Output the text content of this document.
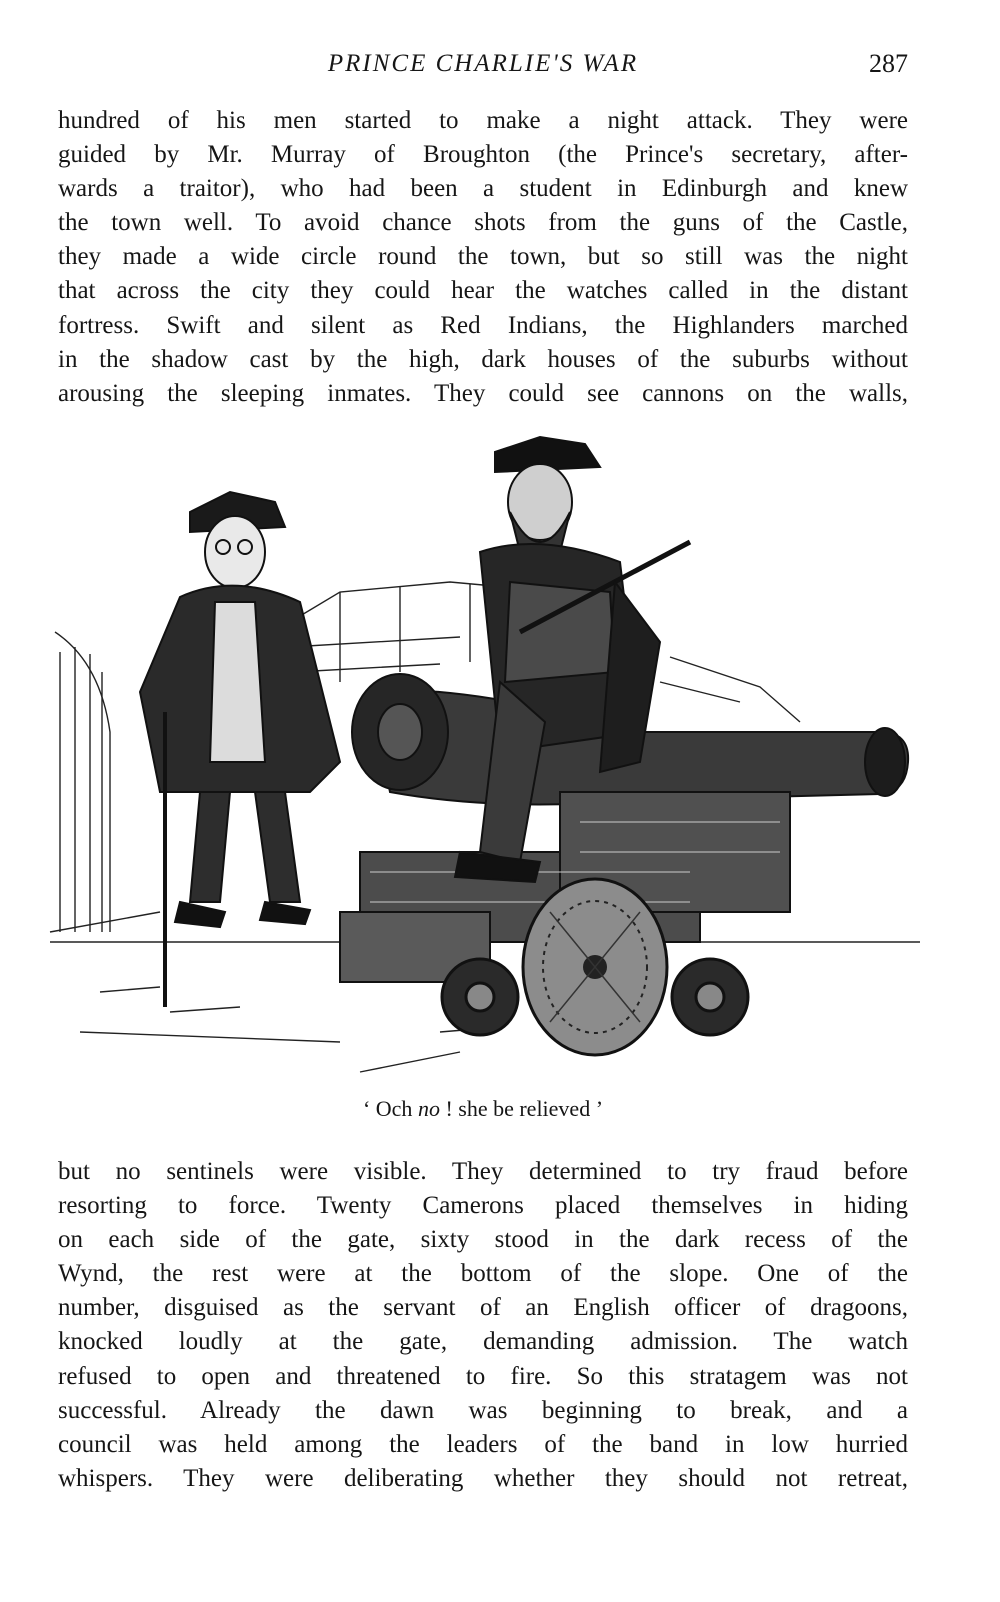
PRINCE CHARLIE'S WAR	287
hundred of his men started to make a night attack. They were
guided by Mr. Murray of Broughton (the Prince's secretary, after-
wards a traitor), who had been a student in Edinburgh and knew
the town well. To avoid chance shots from the guns of the Castle,
they made a wide circle round the town, but so still was the night
that across the city they could hear the watches called in the distant
fortress. Swift and silent as Red Indians, the Highlanders marched
in the shadow cast by the high, dark houses of the suburbs without
arousing the sleeping inmates. They could see cannons on the walls,
‘ Och no ! she be relieved ’
but no sentinels were visible. They determined to try fraud before
resorting to force. Twenty Camerons placed themselves in hiding
on each side of the gate, sixty stood in the dark recess of the
Wynd, the rest were at the bottom of the slope. One of the
number, disguised as the servant of an English officer of dragoons,
knocked loudly at the gate, demanding admission. The watch
refused to open and threatened to fire. So this stratagem was not
successful. Already the dawn was beginning to break, and a
council was held among the leaders of the band in low hurried
whispers. They were deliberating whether they should not retreat,
